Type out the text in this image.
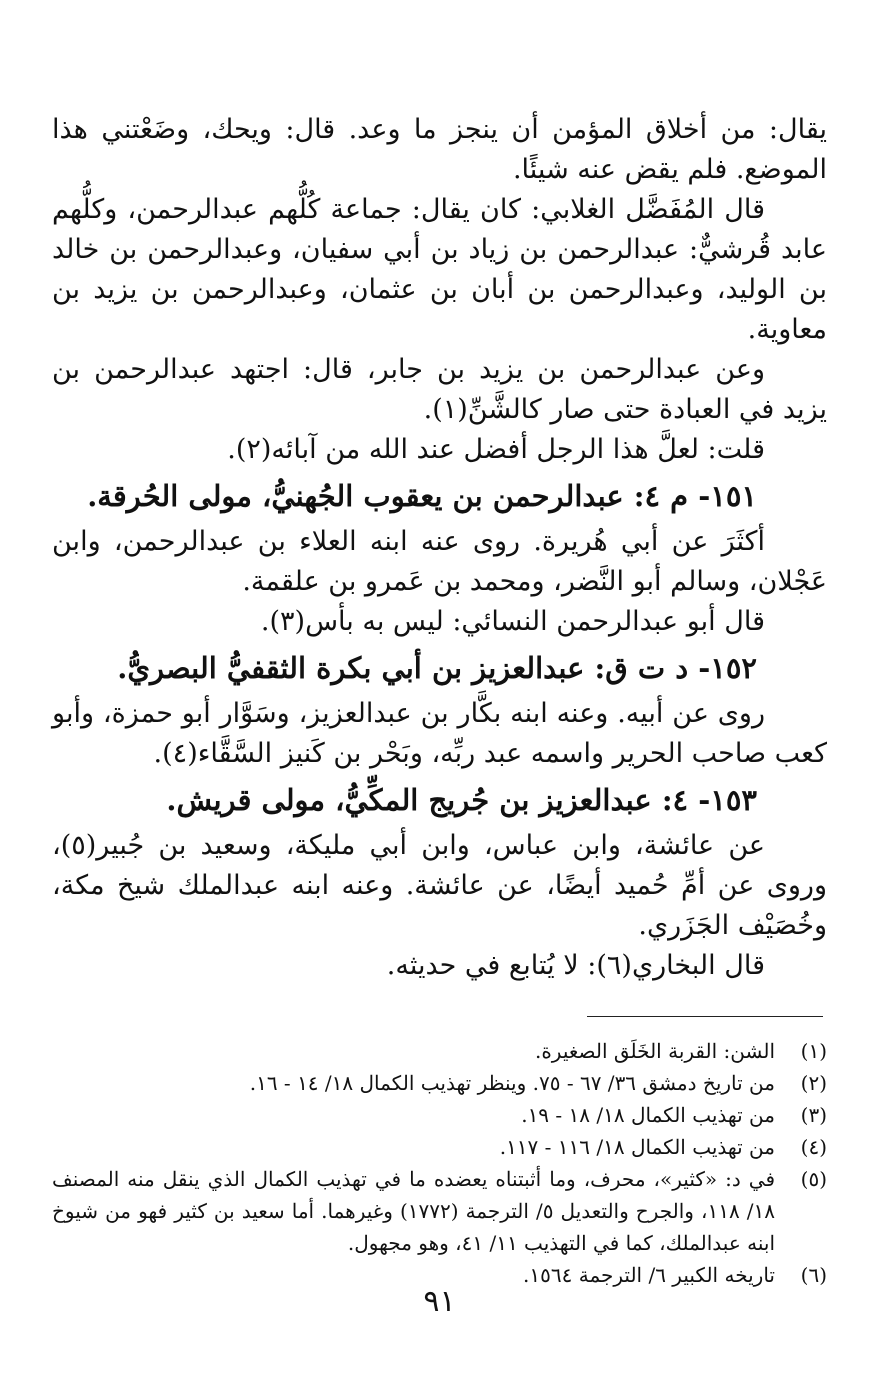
يقال: من أخلاق المؤمن أن ينجز ما وعد. قال: ويحك، وضَعْتني هذا الموضع. فلم يقض عنه شيئًا.

قال المُفَضَّل الغلابي: كان يقال: جماعة كُلُّهم عبدالرحمن، وكلُّهم عابد قُرشيٌّ: عبدالرحمن بن زياد بن أبي سفيان، وعبدالرحمن بن خالد بن الوليد، وعبدالرحمن بن أبان بن عثمان، وعبدالرحمن بن يزيد بن معاوية.

وعن عبدالرحمن بن يزيد بن جابر، قال: اجتهد عبدالرحمن بن يزيد في العبادة حتى صار كالشَّنِّ(١).

قلت: لعلَّ هذا الرجل أفضل عند الله من آبائه(٢).

١٥١- م ٤: عبدالرحمن بن يعقوب الجُهنيُّ، مولى الحُرقة.

أكثَرَ عن أبي هُريرة. روى عنه ابنه العلاء بن عبدالرحمن، وابن عَجْلان، وسالم أبو النَّضر، ومحمد بن عَمرو بن علقمة.

قال أبو عبدالرحمن النسائي: ليس به بأس(٣).

١٥٢- د ت ق: عبدالعزيز بن أبي بكرة الثقفيُّ البصريُّ.

روى عن أبيه. وعنه ابنه بكَّار بن عبدالعزيز، وسَوَّار أبو حمزة، وأبو كعب صاحب الحرير واسمه عبد ربِّه، وبَحْر بن كَنيز السَّقَّاء(٤).

١٥٣- ٤: عبدالعزيز بن جُريج المكِّيُّ، مولى قريش.

عن عائشة، وابن عباس، وابن أبي مليكة، وسعيد بن جُبير(٥)، وروى عن أمِّ حُميد أيضًا، عن عائشة. وعنه ابنه عبدالملك شيخ مكة، وخُصَيْف الجَزَري.

قال البخاري(٦): لا يُتابع في حديثه.

(١)
الشن: القربة الخَلَق الصغيرة.
(٢)
من تاريخ دمشق ٣٦/ ٦٧ - ٧٥. وينظر تهذيب الكمال ١٨/ ١٤ - ١٦.
(٣)
من تهذيب الكمال ١٨/ ١٨ - ١٩.
(٤)
من تهذيب الكمال ١٨/ ١١٦ - ١١٧.
(٥)
في د: «كثير»، محرف، وما أثبتناه يعضده ما في تهذيب الكمال الذي ينقل منه المصنف ١٨/ ١١٨، والجرح والتعديل ٥/ الترجمة (١٧٧٢) وغيرهما. أما سعيد بن كثير فهو من شيوخ ابنه عبدالملك، كما في التهذيب ١١/ ٤١، وهو مجهول.
(٦)
تاريخه الكبير ٦/ الترجمة ١٥٦٤.
٩١
